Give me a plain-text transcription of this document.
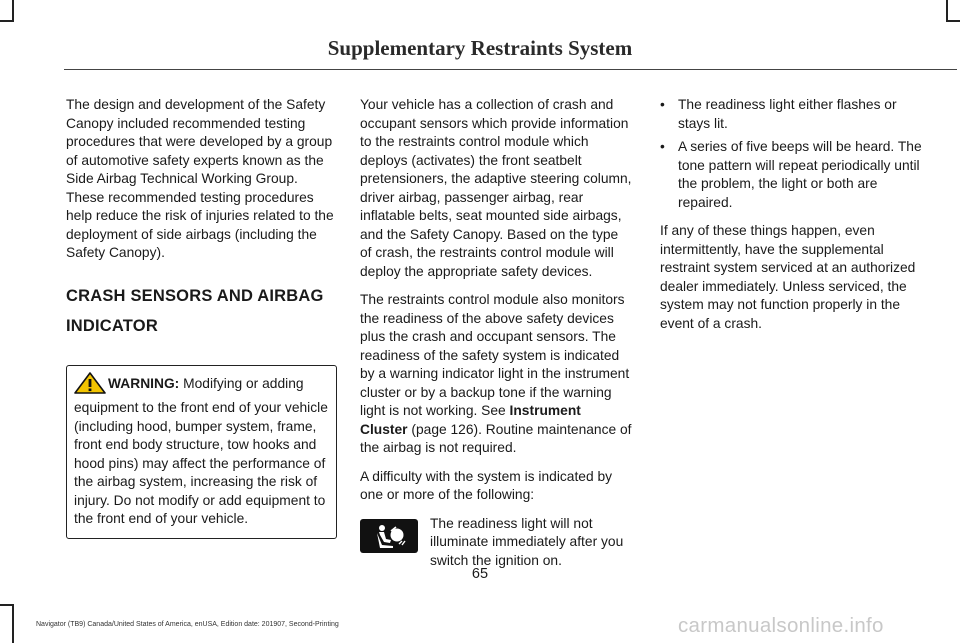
Supplementary Restraints System

The design and development of the Safety Canopy included recommended testing procedures that were developed by a group of automotive safety experts known as the Side Airbag Technical Working Group. These recommended testing procedures help reduce the risk of injuries related to the deployment of side airbags (including the Safety Canopy).

CRASH SENSORS AND AIRBAG
INDICATOR
WARNING: Modifying or adding equipment to the front end of your vehicle (including hood, bumper system, frame, front end body structure, tow hooks and hood pins) may affect the performance of the airbag system, increasing the risk of injury. Do not modify or add equipment to the front end of your vehicle.

Your vehicle has a collection of crash and occupant sensors which provide information to the restraints control module which deploys (activates) the front seatbelt pretensioners, the adaptive steering column, driver airbag, passenger airbag, rear inflatable belts, seat mounted side airbags, and the Safety Canopy. Based on the type of crash, the restraints control module will deploy the appropriate safety devices.

The restraints control module also monitors the readiness of the above safety devices plus the crash and occupant sensors. The readiness of the safety system is indicated by a warning indicator light in the instrument cluster or by a backup tone if the warning light is not working. See Instrument Cluster (page 126). Routine maintenance of the airbag is not required.

A difficulty with the system is indicated by one or more of the following:

The readiness light will not illuminate immediately after you switch the ignition on.
• The readiness light either flashes or stays lit.
• A series of five beeps will be heard. The tone pattern will repeat periodically until the problem, the light or both are repaired.

If any of these things happen, even intermittently, have the supplemental restraint system serviced at an authorized dealer immediately. Unless serviced, the system may not function properly in the event of a crash.

65
Navigator (TB9) Canada/United States of America, enUSA, Edition date: 201907, Second-Printing	carmanualsonline.info
